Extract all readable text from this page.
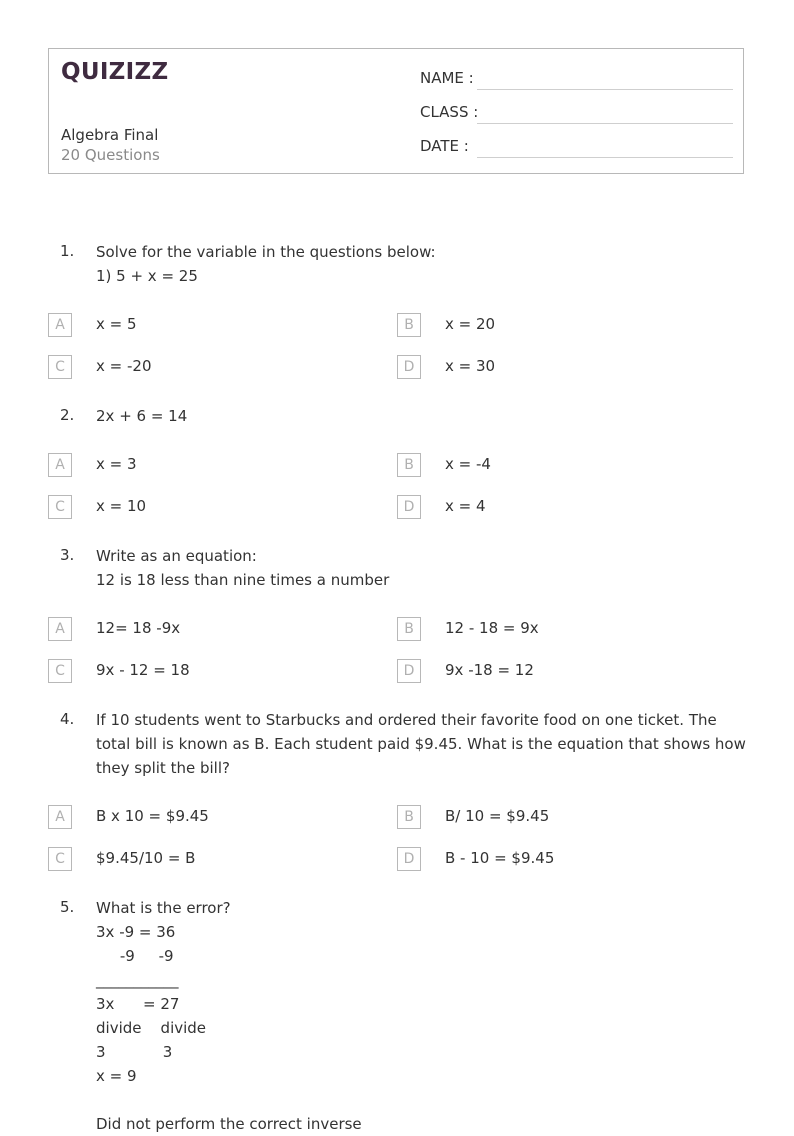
QUIZIZZ
Algebra Final
20 Questions
NAME :
CLASS :
DATE :
1. Solve for the variable in the questions below:
1) 5 + x = 25
A	x = 5	B	x = 20
C	x = -20	D	x = 30
2. 2x + 6 = 14
A	x = 3	B	x = -4
C	x = 10	D	x = 4
3. Write as an equation:
12 is 18 less than nine times a number
A	12= 18 -9x	B	12 - 18 = 9x
C	9x - 12 = 18	D	9x -18 = 12
4. If 10 students went to Starbucks and ordered their favorite food on one ticket. The total bill is known as B. Each student paid $9.45. What is the equation that shows how they split the bill?
A	B x 10 = $9.45	B	B/ 10 = $9.45
C	$9.45/10 = B	D	B - 10 = $9.45
5. What is the error?
3x -9 = 36
-9     -9
___________
3x      = 27
divide    divide
3            3
x = 9
Did not perform the correct inverse
